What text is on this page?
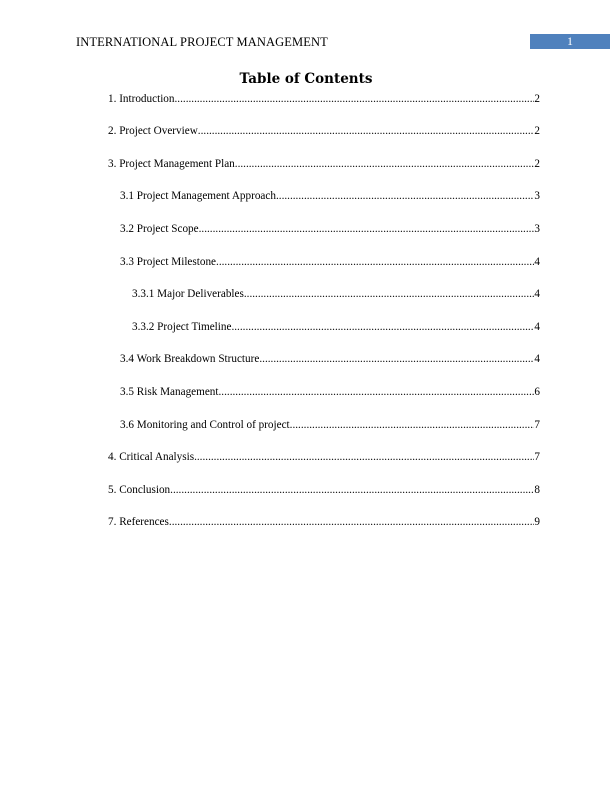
INTERNATIONAL PROJECT MANAGEMENT	1
Table of Contents
1. Introduction .....	2
2. Project Overview .....	2
3. Project Management Plan .....	2
3.1 Project Management Approach .....	3
3.2 Project Scope .....	3
3.3 Project Milestone .....	4
3.3.1 Major Deliverables .....	4
3.3.2 Project Timeline .....	4
3.4 Work Breakdown Structure .....	4
3.5 Risk Management .....	6
3.6 Monitoring and Control of project .....	7
4. Critical Analysis .....	7
5. Conclusion .....	8
7. References .....	9
